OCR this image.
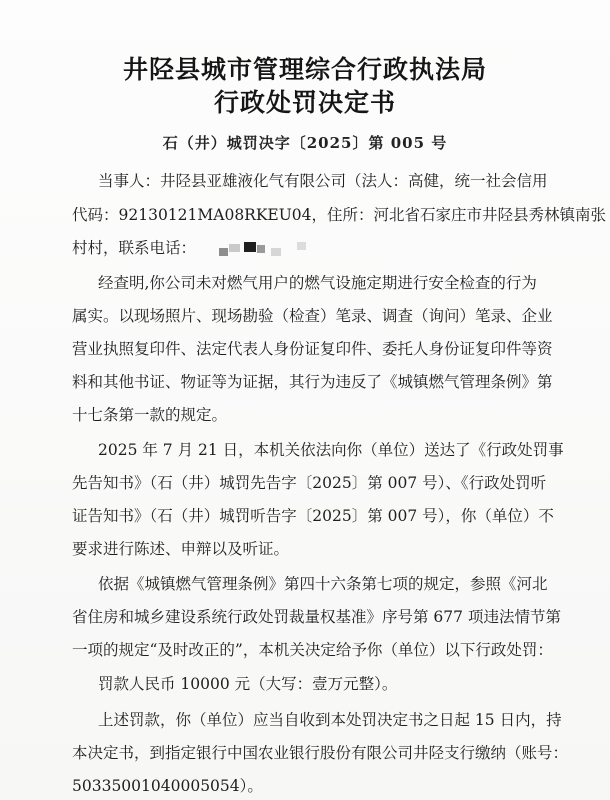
井陉县城市管理综合行政执法局
行政处罚决定书
石（井）城罚决字〔2025〕第 005 号
当事人：井陉县亚雄液化气有限公司（法人：高健，统一社会信用
代码：92130121MA08RKEU04，住所：河北省石家庄市井陉县秀林镇南张
村村，联系电话：
经查明,你公司未对燃气用户的燃气设施定期进行安全检查的行为
属实。以现场照片、现场勘验（检查）笔录、调查（询问）笔录、企业
营业执照复印件、法定代表人身份证复印件、委托人身份证复印件等资
料和其他书证、物证等为证据，其行为违反了《城镇燃气管理条例》第
十七条第一款的规定。
2025 年 7 月 21 日，本机关依法向你（单位）送达了《行政处罚事
先告知书》（石（井）城罚先告字〔2025〕第 007 号）、《行政处罚听
证告知书》（石（井）城罚听告字〔2025〕第 007 号），你（单位）不
要求进行陈述、申辩以及听证。
依据《城镇燃气管理条例》第四十六条第七项的规定，参照《河北
省住房和城乡建设系统行政处罚裁量权基准》序号第 677 项违法情节第
一项的规定“及时改正的”，本机关决定给予你（单位）以下行政处罚：
罚款人民币 10000 元（大写：壹万元整）。
上述罚款，你（单位）应当自收到本处罚决定书之日起 15 日内，持
本决定书，到指定银行中国农业银行股份有限公司井陉支行缴纳（账号：
50335001040005054）。
